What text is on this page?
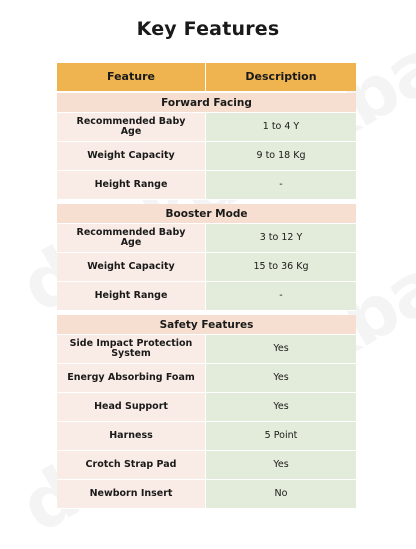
Key Features
Feature	Description
Forward Facing
Recommended Baby Age	1 to 4 Y
Weight Capacity	9 to 18 Kg
Height Range	-
Booster Mode
Recommended Baby Age	3 to 12 Y
Weight Capacity	15 to 36 Kg
Height Range	-
Safety Features
Side Impact Protection System	Yes
Energy Absorbing Foam	Yes
Head Support	Yes
Harness	5 Point
Crotch Strap Pad	Yes
Newborn Insert	No
